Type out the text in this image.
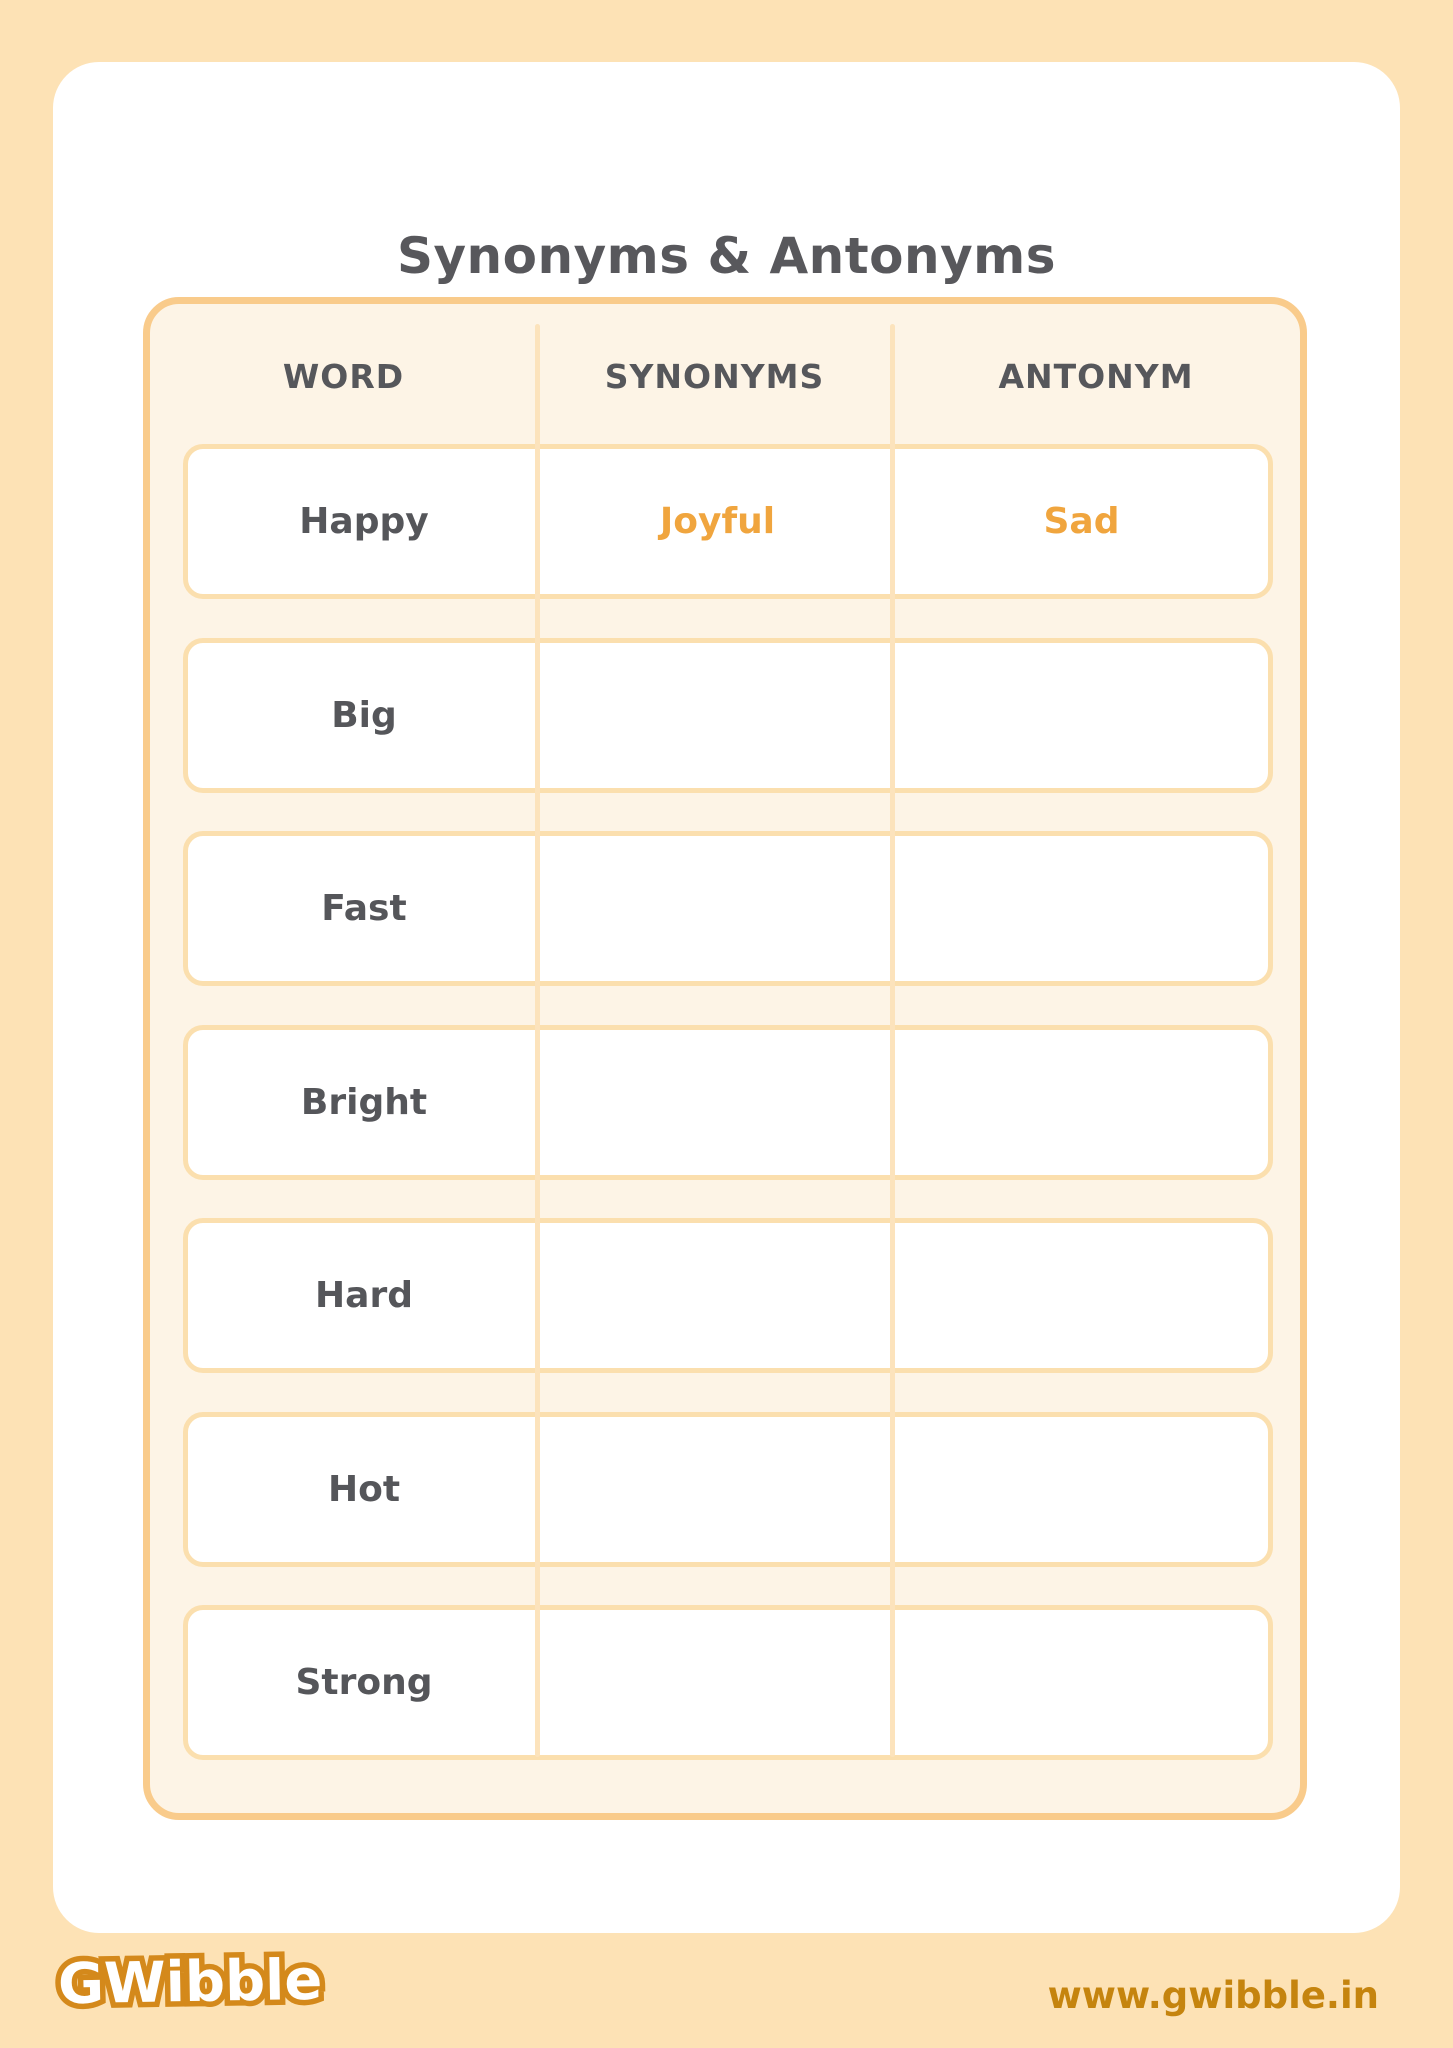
Synonyms & Antonyms
WORD	SYNONYMS	ANTONYM
Happy	Joyful	Sad
Big
Fast
Bright
Hard
Hot
Strong
GWibble	www.gwibble.in
